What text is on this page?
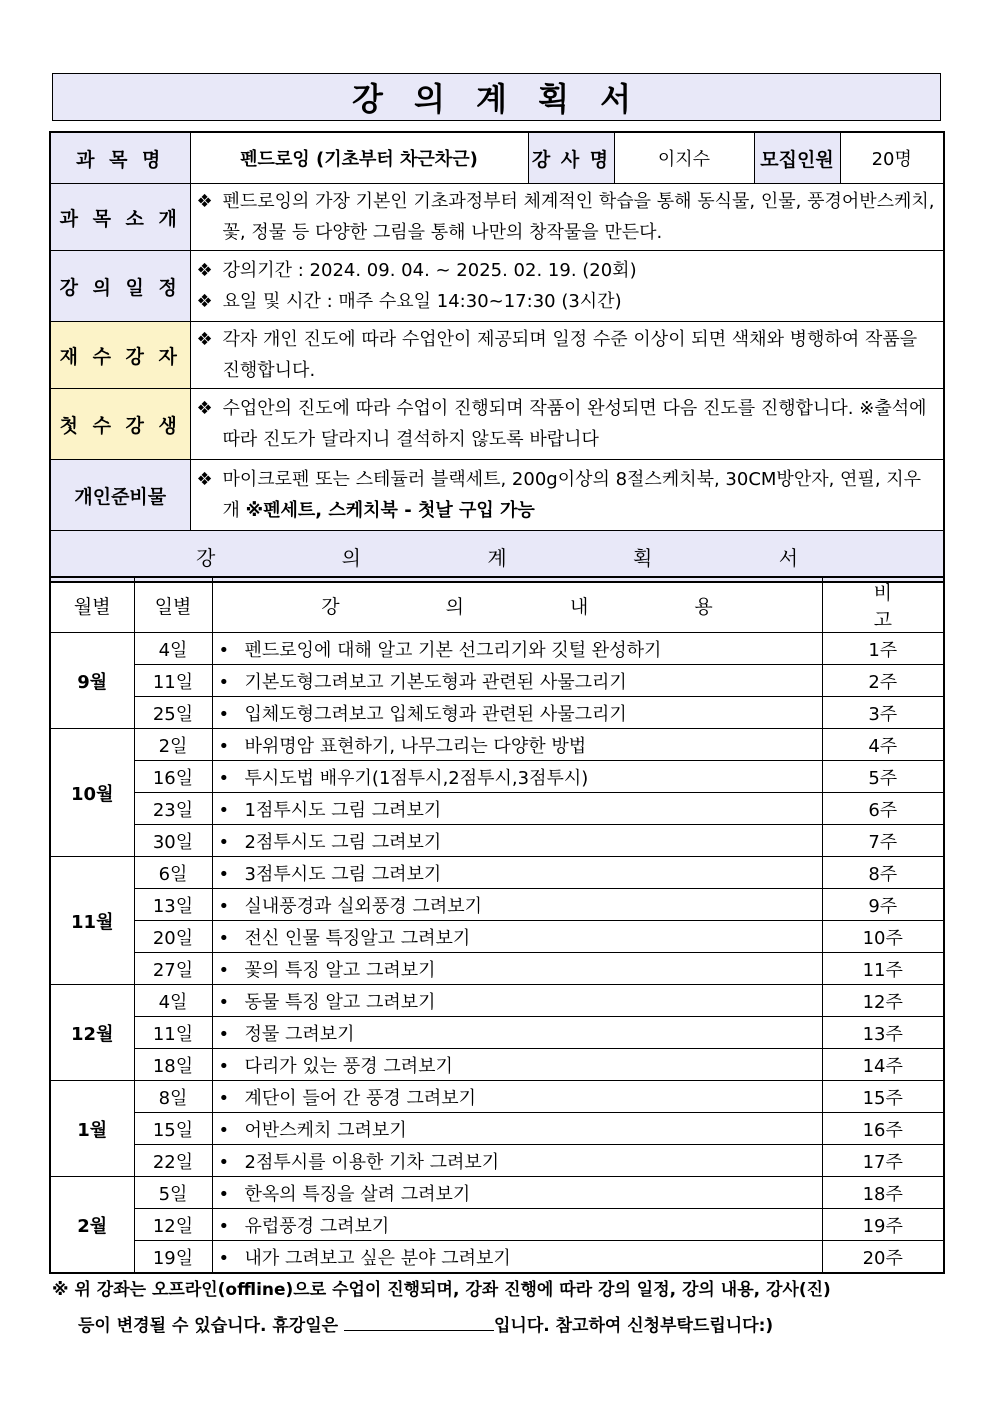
강 의 계 획 서
과 목 명	펜드로잉 (기초부터 차근차근)	강 사 명	이지수	모집인원	20명
과 목 소 개	❖ 펜드로잉의 가장 기본인 기초과정부터 체계적인 학습을 통해 동식물, 인물, 풍경어반스케치, 꽃, 정물 등 다양한 그림을 통해 나만의 창작물을 만든다.				

강 의 일 정	❖ 강의기간 : 2024. 09. 04. ~ 2025. 02. 19. (20회)
❖ 요일 및 시간 : 매주 수요일 14:30~17:30 (3시간)				

재 수 강 자	❖ 각자 개인 진도에 따라 수업안이 제공되며 일정 수준 이상이 되면 색채와 병행하여 작품을 진행합니다.				

첫 수 강 생	❖ 수업안의 진도에 따라 수업이 진행되며 작품이 완성되면 다음 진도를 진행합니다. ※출석에 따라 진도가 달라지니 결석하지 않도록 바랍니다				

개인준비물	❖ 마이크로펜 또는 스테듈러 블랙세트, 200g이상의 8절스케치북, 30CM방안자, 연필, 지우개 ※펜세트, 스케치북 - 첫날 구입 가능				

강 의 계 획 서					
월별	일별	강 의 내 용	비 고
9월	4일	• 펜드로잉에 대해 알고 기본 선그리기와 깃털 완성하기	1주
	11일	• 기본도형그려보고 기본도형과 관련된 사물그리기	2주
	25일	• 입체도형그려보고 입체도형과 관련된 사물그리기	3주
10월	2일	• 바위명암 표현하기, 나무그리는 다양한 방법	4주
	16일	• 투시도법 배우기(1점투시,2점투시,3점투시)	5주
	23일	• 1점투시도 그림 그려보기	6주
	30일	• 2점투시도 그림 그려보기	7주
11월	6일	• 3점투시도 그림 그려보기	8주
	13일	• 실내풍경과 실외풍경 그려보기	9주
	20일	• 전신 인물 특징알고 그려보기	10주
	27일	• 꽃의 특징 알고 그려보기	11주
12월	4일	• 동물 특징 알고 그려보기	12주
	11일	• 정물 그려보기	13주
	18일	• 다리가 있는 풍경 그려보기	14주
1월	8일	• 계단이 들어 간 풍경 그려보기	15주
	15일	• 어반스케치 그려보기	16주
	22일	• 2점투시를 이용한 기차 그려보기	17주
2월	5일	• 한옥의 특징을 살려 그려보기	18주
	12일	• 유럽풍경 그려보기	19주
	19일	• 내가 그려보고 싶은 분야 그려보기	20주
※ 위 강좌는 오프라인(offline)으로 수업이 진행되며, 강좌 진행에 따라 강의 일정, 강의 내용, 강사(진)
등이 변경될 수 있습니다. 휴강일은	입니다. 참고하여 신청부탁드립니다:)
